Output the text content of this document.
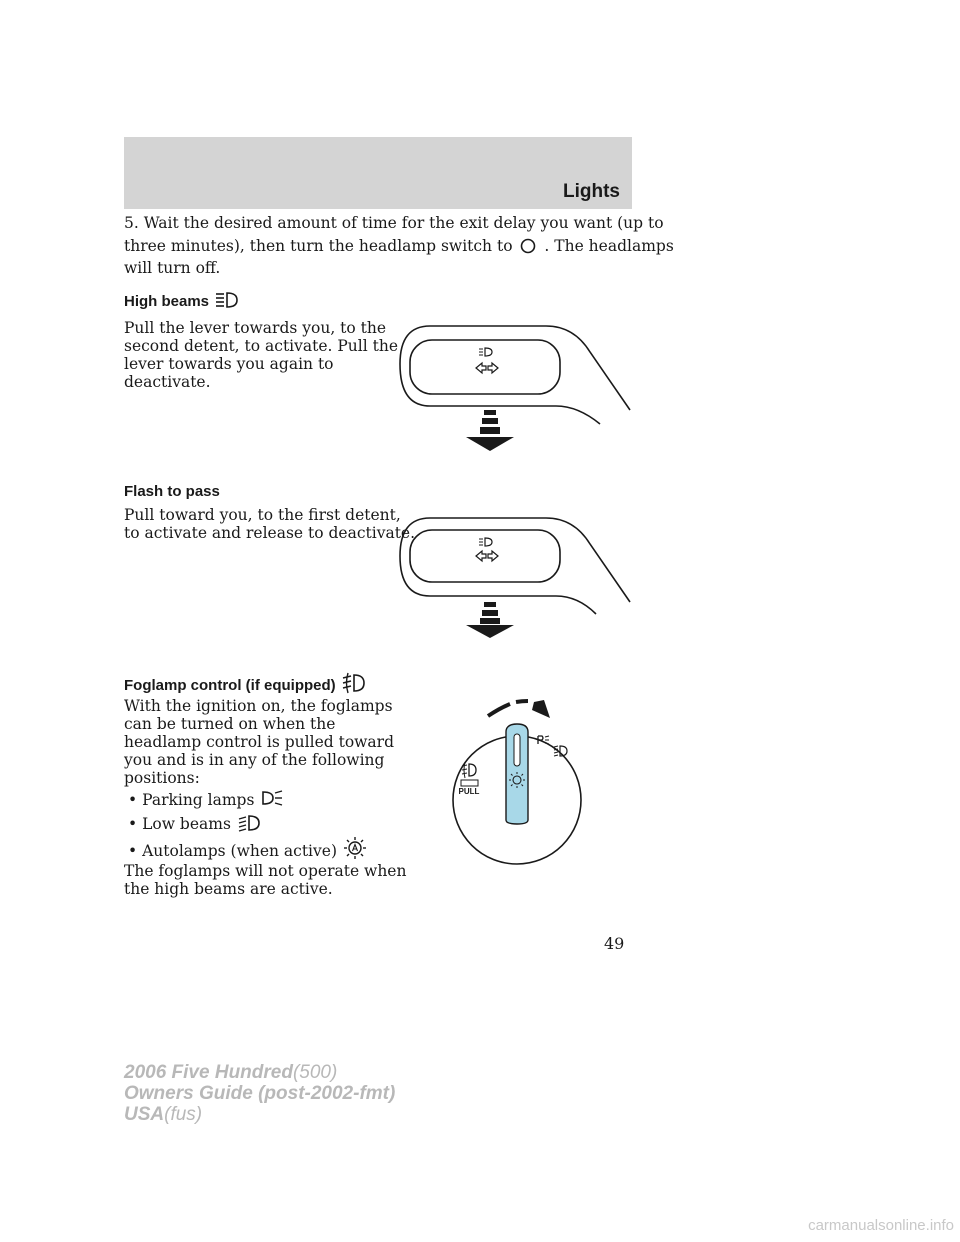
Lights
5. Wait the desired amount of time for the exit delay you want (up to
three minutes), then turn the headlamp switch to . The headlamps
will turn off.
High beams
Pull the lever towards you, to the
second detent, to activate. Pull the
lever towards you again to
deactivate.
Flash to pass
Pull toward you, to the first detent,
to activate and release to deactivate.
Foglamp control (if equipped)
With the ignition on, the foglamps
can be turned on when the
headlamp control is pulled toward
you and is in any of the following
positions:
• Parking lamps
• Low beams
• Autolamps (when active)
The foglamps will not operate when
the high beams are active.
PULL
49
2006 Five Hundred(500)
Owners Guide (post-2002-fmt)
USA(fus)
carmanualsonline.info
